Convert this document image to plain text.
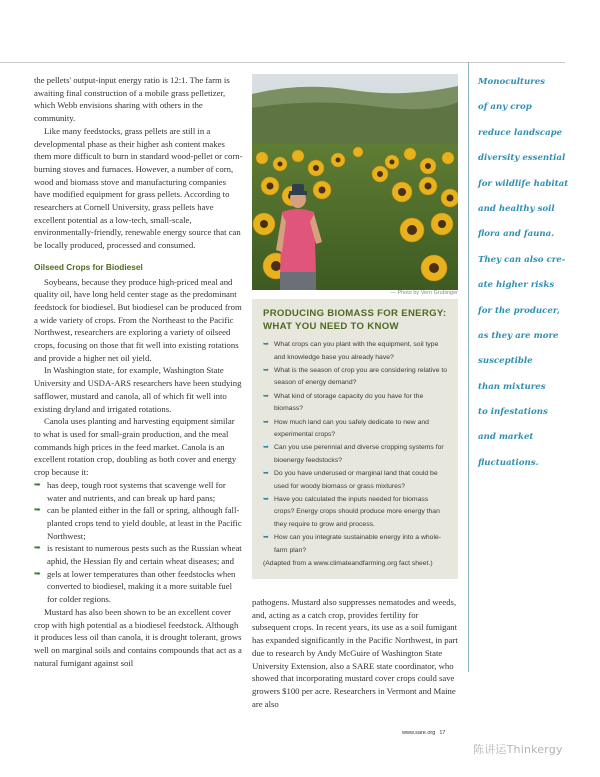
the pellets' output-input energy ratio is 12:1. The farm is awaiting final construction of a mobile grass pelletizer, which Webb envisions sharing with others in the community.

Like many feedstocks, grass pellets are still in a developmental phase as their higher ash content makes them more difficult to burn in standard wood-pellet or corn-burning stoves and furnaces. However, a number of corn, wood and biomass stove and manufacturing companies have modified equipment for grass pellets. According to researchers at Cornell University, grass pellets have excellent potential as a low-tech, small-scale, environmentally-friendly, renewable energy source that can be locally produced, processed and consumed.

Oilseed Crops for Biodiesel

Soybeans, because they produce high-priced meal and quality oil, have long held center stage as the predominant feedstock for biodiesel. But biodiesel can be produced from a wide variety of crops. From the Northeast to the Pacific Northwest, researchers are exploring a variety of oilseed crops, focusing on those that fit well into existing rotations and provide a higher net oil yield.

In Washington state, for example, Washington State University and USDA-ARS researchers have been studying safflower, mustard and canola, all of which fit well into existing dryland and irrigated rotations.

Canola uses planting and harvesting equipment similar to what is used for small-grain production, and the meal commands high prices in the feed market. Canola is an excellent rotation crop, doubling as both cover and energy crop because it:

➥ has deep, tough root systems that scavenge well for water and nutrients, and can break up hard pans;
➥ can be planted either in the fall or spring, although fall-planted crops tend to yield double, at least in the Pacific Northwest;
➥ is resistant to numerous pests such as the Russian wheat aphid, the Hessian fly and certain wheat diseases; and
➥ gels at lower temperatures than other feedstocks when converted to biodiesel, making it a more suitable fuel for colder regions.

Mustard has also been shown to be an excellent cover crop with high potential as a biodiesel feedstock. Although it produces less oil than canola, it is drought tolerant, grows well on marginal soils and contains compounds that act as a natural fumigant against soil

— Photo by Vern Grubinger
PRODUCING BIOMASS FOR ENERGY:
WHAT YOU NEED TO KNOW
➥ What crops can you plant with the equipment, soil type and knowledge base you already have?
➥ What is the season of crop you are considering relative to season of energy demand?
➥ What kind of storage capacity do you have for the biomass?
➥ How much land can you safely dedicate to new and experimental crops?
➥ Can you use perennial and diverse cropping systems for bioenergy feedstocks?
➥ Do you have underused or marginal land that could be used for woody biomass or grass mixtures?
➥ Have you calculated the inputs needed for biomass crops? Energy crops should produce more energy than they require to grow and process.
➥ How can you integrate sustainable energy into a whole-farm plan?

(Adapted from a www.climateandfarming.org fact sheet.)

pathogens. Mustard also suppresses nematodes and weeds, and, acting as a catch crop, provides fertility for subsequent crops. In recent years, its use as a soil fumigant has expanded significantly in the Pacific Northwest, in part due to research by Andy McGuire of Washington State University Extension, also a SARE state coordinator, who showed that incorporating mustard cover crops could save growers $100 per acre. Researchers in Vermont and Maine are also

Monocultures
of any crop
reduce landscape
diversity essential
for wildlife habitat
and healthy soil
flora and fauna.
They can also cre-
ate higher risks
for the producer,
as they are more
susceptible
than mixtures
to infestations
and market
fluctuations.
www.sare.org 17
陈讲运Thinkergy
